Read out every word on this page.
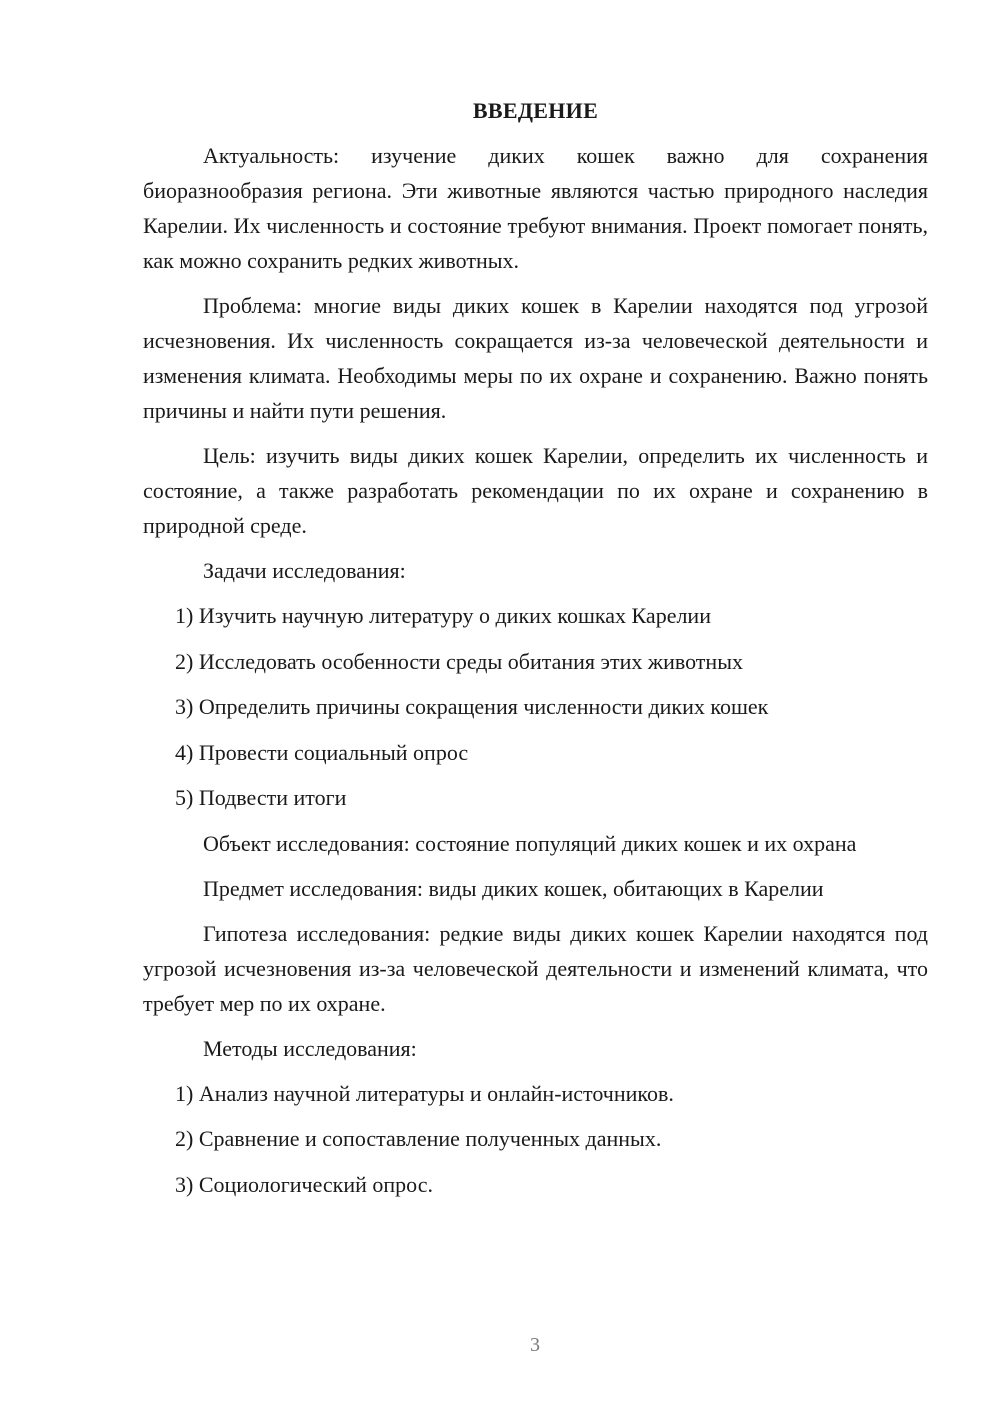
ВВЕДЕНИЕ

Актуальность: изучение диких кошек важно для сохранения биоразнообразия региона. Эти животные являются частью природного наследия Карелии. Их численность и состояние требуют внимания. Проект помогает понять, как можно сохранить редких животных.

Проблема: многие виды диких кошек в Карелии находятся под угрозой исчезновения. Их численность сокращается из-за человеческой деятельности и изменения климата. Необходимы меры по их охране и сохранению. Важно понять причины и найти пути решения.

Цель: изучить виды диких кошек Карелии, определить их численность и состояние, а также разработать рекомендации по их охране и сохранению в природной среде.

Задачи исследования:

1) Изучить научную литературу о диких кошках Карелии

2) Исследовать особенности среды обитания этих животных

3) Определить причины сокращения численности диких кошек

4) Провести социальный опрос

5) Подвести итоги

Объект исследования: состояние популяций диких кошек и их охрана

Предмет исследования: виды диких кошек, обитающих в Карелии

Гипотеза исследования: редкие виды диких кошек Карелии находятся под угрозой исчезновения из-за человеческой деятельности и изменений климата, что требует мер по их охране.

Методы исследования:

1) Анализ научной литературы и онлайн-источников.

2) Сравнение и сопоставление полученных данных.

3) Социологический опрос.

3
